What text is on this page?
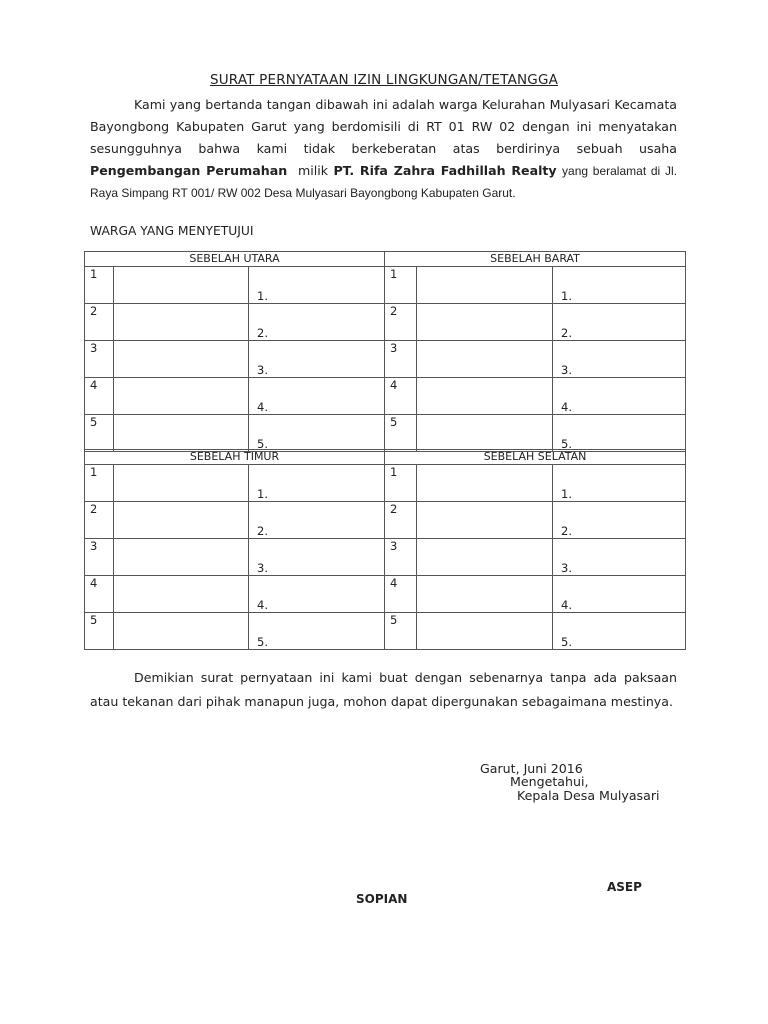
SURAT PERNYATAAN IZIN LINGKUNGAN/TETANGGA

Kami yang bertanda tangan dibawah ini adalah warga Kelurahan Mulyasari Kecamata Bayongbong Kabupaten Garut yang berdomisili di RT 01 RW 02 dengan ini menyatakan sesungguhnya bahwa kami tidak berkeberatan atas berdirinya sebuah usaha Pengembangan Perumahan milik PT. Rifa Zahra Fadhillah Realty yang beralamat di Jl. Raya Simpang RT 001/ RW 002 Desa Mulyasari Bayongbong Kabupaten Garut.

WARGA YANG MENYETUJUI
SEBELAH UTARA			SEBELAH BARAT		
1		1.	1		1.
2		2.	2		2.
3		3.	3		3.
4		4.	4		4.
5		5.	5		5.
SEBELAH TIMUR			SEBELAH SELATAN		
1		1.	1		1.
2		2.	2		2.
3		3.	3		3.
4		4.	4		4.
5		5.	5		5.

Demikian surat pernyataan ini kami buat dengan sebenarnya tanpa ada paksaan atau tekanan dari pihak manapun juga, mohon dapat dipergunakan sebagaimana mestinya.

Garut, Juni 2016
Mengetahui,
Kepala Desa Mulyasari
ASEP
SOPIAN
